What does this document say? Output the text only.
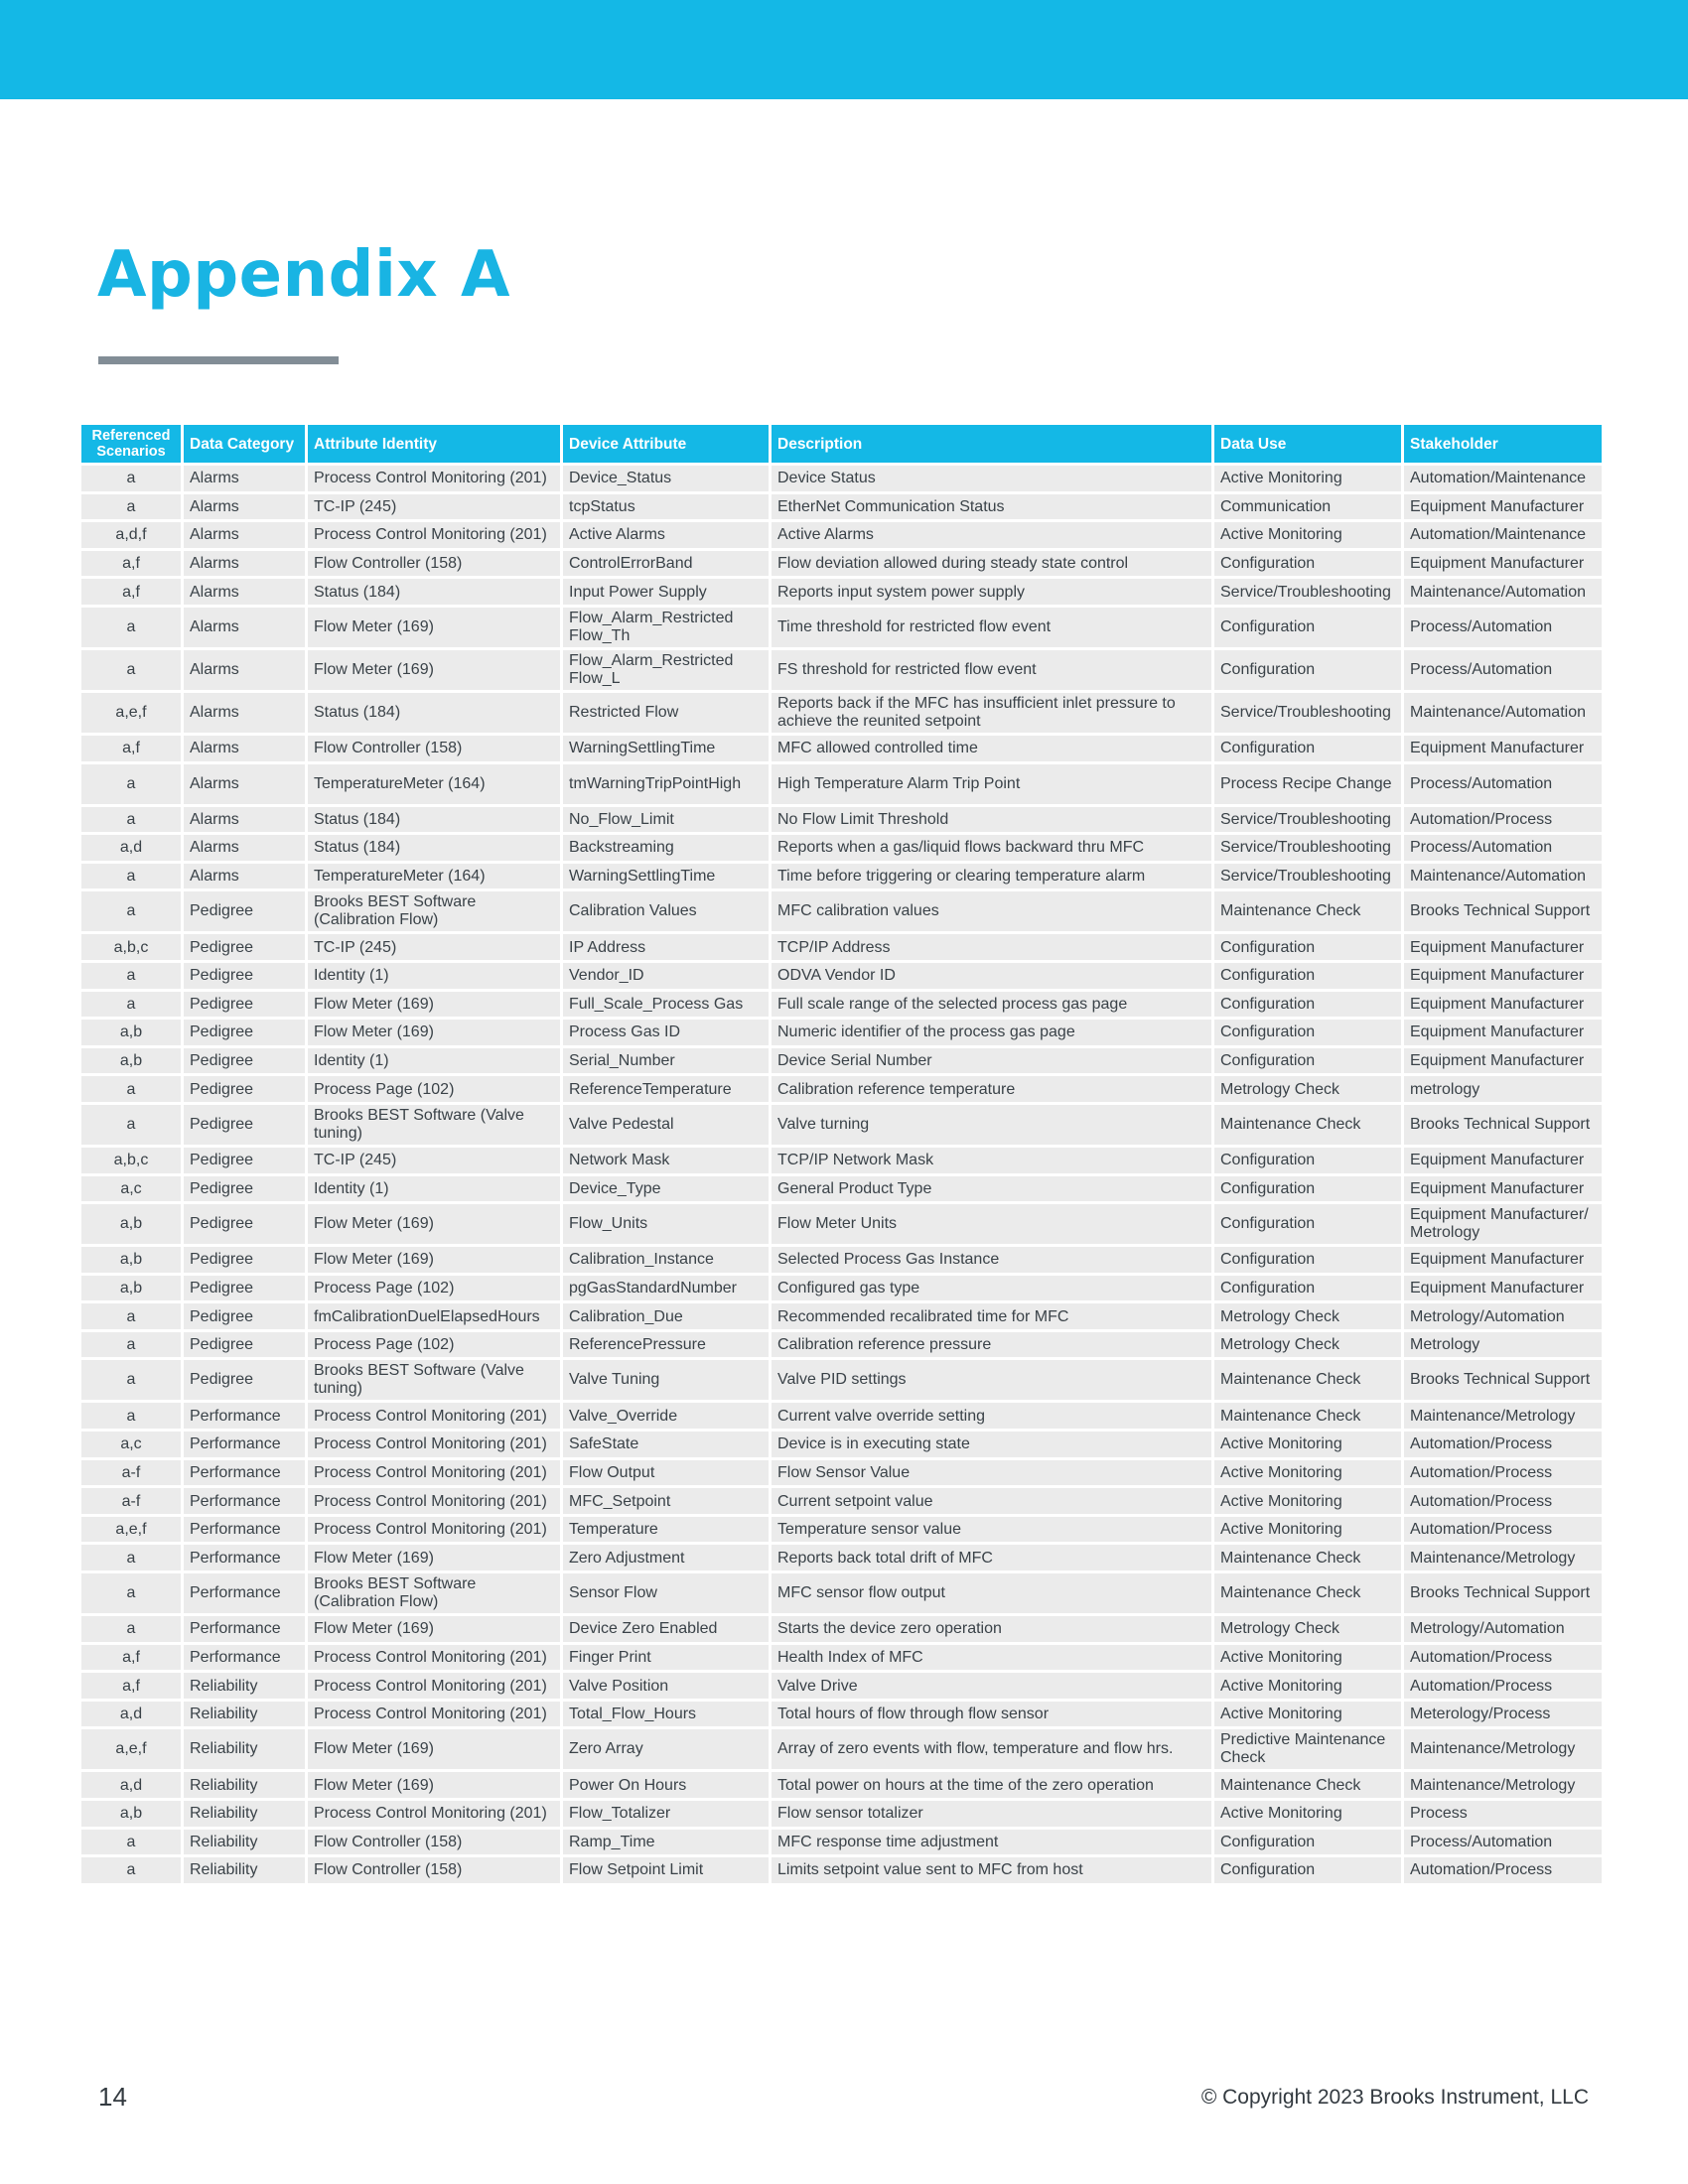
Appendix A
Referenced Scenarios	Data Category	Attribute Identity	Device Attribute	Description	Data Use	Stakeholder
a	Alarms	Process Control Monitoring (201)	Device_Status	Device Status	Active Monitoring	Automation/Maintenance
a	Alarms	TC-IP (245)	tcpStatus	EtherNet Communication Status	Communication	Equipment Manufacturer
a,d,f	Alarms	Process Control Monitoring (201)	Active Alarms	Active Alarms	Active Monitoring	Automation/Maintenance
a,f	Alarms	Flow Controller (158)	ControlErrorBand	Flow deviation allowed during steady state control	Configuration	Equipment Manufacturer
a,f	Alarms	Status (184)	Input Power Supply	Reports input system power supply	Service/Troubleshooting	Maintenance/Automation
a	Alarms	Flow Meter (169)	Flow_Alarm_Restricted Flow_Th	Time threshold for restricted flow event	Configuration	Process/Automation
a	Alarms	Flow Meter (169)	Flow_Alarm_Restricted Flow_L	FS threshold for restricted flow event	Configuration	Process/Automation
a,e,f	Alarms	Status (184)	Restricted Flow	Reports back if the MFC has insufficient inlet pressure to achieve the reunited setpoint	Service/Troubleshooting	Maintenance/Automation
a,f	Alarms	Flow Controller (158)	WarningSettlingTime	MFC allowed controlled time	Configuration	Equipment Manufacturer
a	Alarms	TemperatureMeter (164)	tmWarningTripPointHigh	High Temperature Alarm Trip Point	Process Recipe Change	Process/Automation
a	Alarms	Status (184)	No_Flow_Limit	No Flow Limit Threshold	Service/Troubleshooting	Automation/Process
a,d	Alarms	Status (184)	Backstreaming	Reports when a gas/liquid flows backward thru MFC	Service/Troubleshooting	Process/Automation
a	Alarms	TemperatureMeter (164)	WarningSettlingTime	Time before triggering or clearing temperature alarm	Service/Troubleshooting	Maintenance/Automation
a	Pedigree	Brooks BEST Software (Calibration Flow)	Calibration Values	MFC calibration values	Maintenance Check	Brooks Technical Support
a,b,c	Pedigree	TC-IP (245)	IP Address	TCP/IP Address	Configuration	Equipment Manufacturer
a	Pedigree	Identity (1)	Vendor_ID	ODVA Vendor ID	Configuration	Equipment Manufacturer
a	Pedigree	Flow Meter (169)	Full_Scale_Process Gas	Full scale range of the selected process gas page	Configuration	Equipment Manufacturer
a,b	Pedigree	Flow Meter (169)	Process Gas ID	Numeric identifier of the process gas page	Configuration	Equipment Manufacturer
a,b	Pedigree	Identity (1)	Serial_Number	Device Serial Number	Configuration	Equipment Manufacturer
a	Pedigree	Process Page (102)	ReferenceTemperature	Calibration reference temperature	Metrology Check	metrology
a	Pedigree	Brooks BEST Software (Valve tuning)	Valve Pedestal	Valve turning	Maintenance Check	Brooks Technical Support
a,b,c	Pedigree	TC-IP (245)	Network Mask	TCP/IP Network Mask	Configuration	Equipment Manufacturer
a,c	Pedigree	Identity (1)	Device_Type	General Product Type	Configuration	Equipment Manufacturer
a,b	Pedigree	Flow Meter (169)	Flow_Units	Flow Meter Units	Configuration	Equipment Manufacturer/ Metrology
a,b	Pedigree	Flow Meter (169)	Calibration_Instance	Selected Process Gas Instance	Configuration	Equipment Manufacturer
a,b	Pedigree	Process Page (102)	pgGasStandardNumber	Configured gas type	Configuration	Equipment Manufacturer
a	Pedigree	fmCalibrationDuelElapsedHours	Calibration_Due	Recommended recalibrated time for MFC	Metrology Check	Metrology/Automation
a	Pedigree	Process Page (102)	ReferencePressure	Calibration reference pressure	Metrology Check	Metrology
a	Pedigree	Brooks BEST Software (Valve tuning)	Valve Tuning	Valve PID settings	Maintenance Check	Brooks Technical Support
a	Performance	Process Control Monitoring (201)	Valve_Override	Current valve override setting	Maintenance Check	Maintenance/Metrology
a,c	Performance	Process Control Monitoring (201)	SafeState	Device is in executing state	Active Monitoring	Automation/Process
a-f	Performance	Process Control Monitoring (201)	Flow Output	Flow Sensor Value	Active Monitoring	Automation/Process
a-f	Performance	Process Control Monitoring (201)	MFC_Setpoint	Current setpoint value	Active Monitoring	Automation/Process
a,e,f	Performance	Process Control Monitoring (201)	Temperature	Temperature sensor value	Active Monitoring	Automation/Process
a	Performance	Flow Meter (169)	Zero Adjustment	Reports back total drift of MFC	Maintenance Check	Maintenance/Metrology
a	Performance	Brooks BEST Software (Calibration Flow)	Sensor Flow	MFC sensor flow output	Maintenance Check	Brooks Technical Support
a	Performance	Flow Meter (169)	Device Zero Enabled	Starts the device zero operation	Metrology Check	Metrology/Automation
a,f	Performance	Process Control Monitoring (201)	Finger Print	Health Index of MFC	Active Monitoring	Automation/Process
a,f	Reliability	Process Control Monitoring (201)	Valve Position	Valve Drive	Active Monitoring	Automation/Process
a,d	Reliability	Process Control Monitoring (201)	Total_Flow_Hours	Total hours of flow through flow sensor	Active Monitoring	Meterology/Process
a,e,f	Reliability	Flow Meter (169)	Zero Array	Array of zero events with flow, temperature and flow hrs.	Predictive Maintenance Check	Maintenance/Metrology
a,d	Reliability	Flow Meter (169)	Power On Hours	Total power on hours at the time of the zero operation	Maintenance Check	Maintenance/Metrology
a,b	Reliability	Process Control Monitoring (201)	Flow_Totalizer	Flow sensor totalizer	Active Monitoring	Process
a	Reliability	Flow Controller (158)	Ramp_Time	MFC response time adjustment	Configuration	Process/Automation
a	Reliability	Flow Controller (158)	Flow Setpoint Limit	Limits setpoint value sent to MFC from host	Configuration	Automation/Process
14	© Copyright 2023 Brooks Instrument, LLC
